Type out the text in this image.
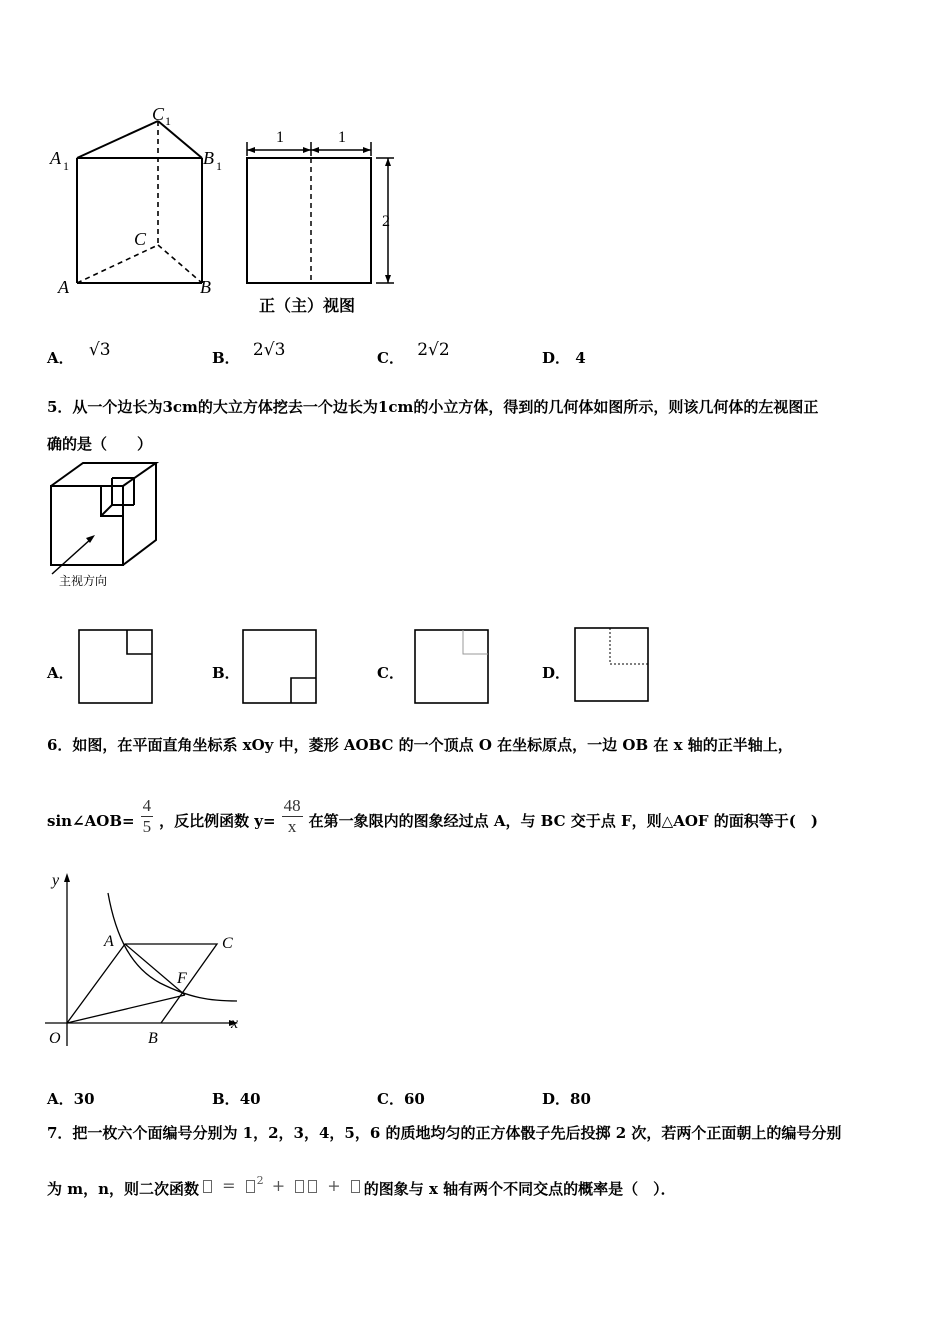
A 1
C 1
B 1
C
A	B
1	1
2
正（主）视图
A． √3	B． 2√3	C． 2√2	D． 4
5．从一个边长为3cm的大立方体挖去一个边长为1cm的小立方体，得到的几何体如图所示，则该几何体的左视图正
确的是（　　）
主视方向
A．	B．	C．	D．
6．如图，在平面直角坐标系 xOy 中，菱形 AOBC 的一个顶点 O 在坐标原点，一边 OB 在 x 轴的正半轴上，
sin∠AOB= $\frac{4}{5}$ ，反比例函数 $y= \frac{48}{x}$ 在第一象限内的图象经过点 A，与 BC 交于点 F，则△AOF 的面积等于(　)
y
x
O
A	C
F
B
A．30	B．40	C．60	D．80
7．把一枚六个面编号分别为 1，2，3，4，5，6 的质地均匀的正方体骰子先后投掷 2 次，若两个正面朝上的编号分别
为 m，n，则二次函数	= $^2$ +	+	的图象与 x 轴有两个不同交点的概率是（　）．
